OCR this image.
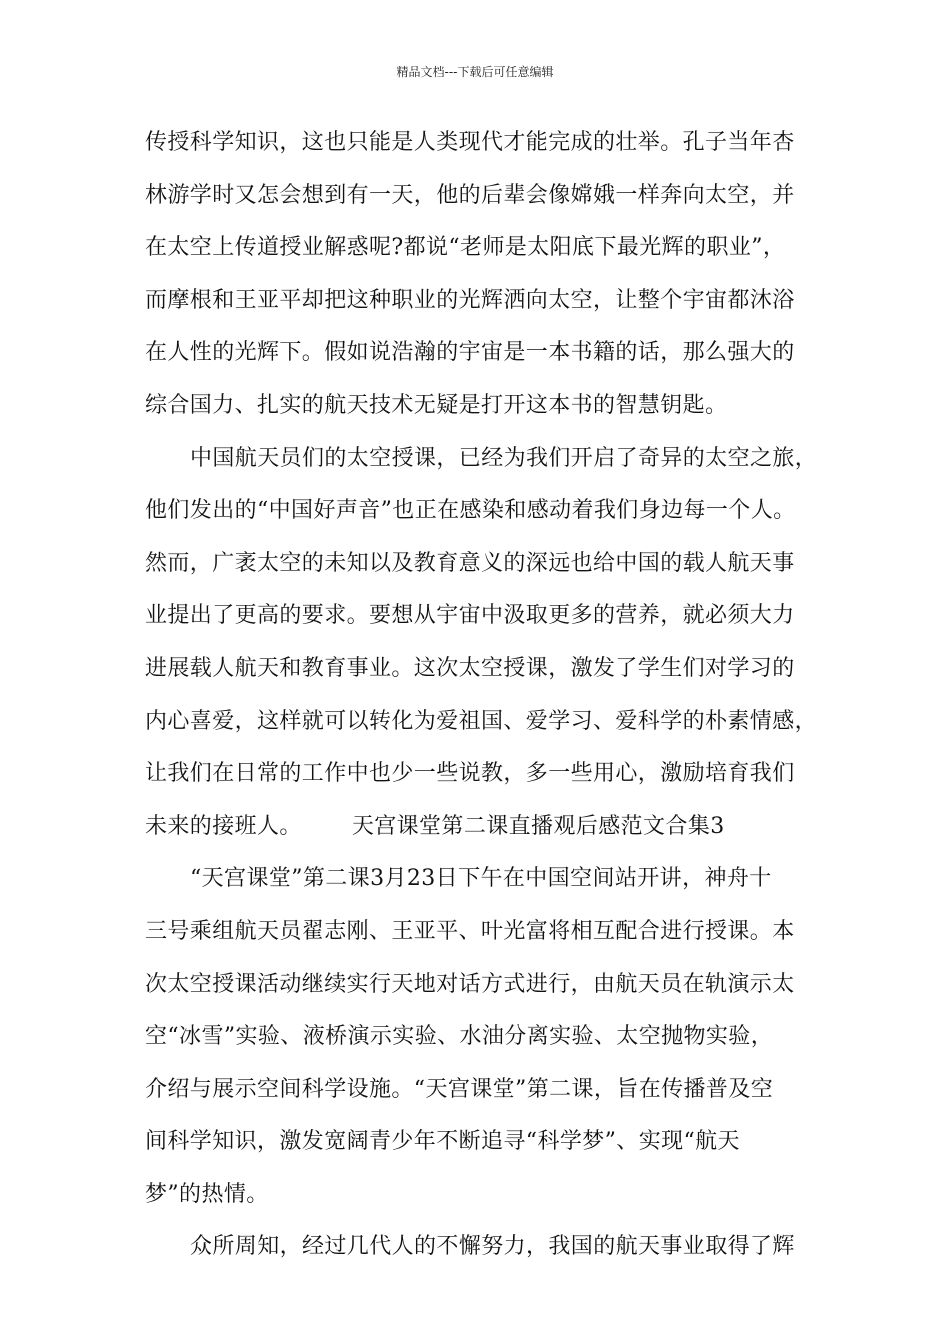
精品文档---下载后可任意编辑
传授科学知识，这也只能是人类现代才能完成的壮举。孔子当年杏
林游学时又怎会想到有一天，他的后辈会像嫦娥一样奔向太空，并
在太空上传道授业解惑呢?都说“老师是太阳底下最光辉的职业”，
而摩根和王亚平却把这种职业的光辉洒向太空，让整个宇宙都沐浴
在人性的光辉下。假如说浩瀚的宇宙是一本书籍的话，那么强大的
综合国力、扎实的航天技术无疑是打开这本书的智慧钥匙。
中国航天员们的太空授课，已经为我们开启了奇异的太空之旅，
他们发出的“中国好声音”也正在感染和感动着我们身边每一个人。
然而，广袤太空的未知以及教育意义的深远也给中国的载人航天事
业提出了更高的要求。要想从宇宙中汲取更多的营养，就必须大力
进展载人航天和教育事业。这次太空授课，激发了学生们对学习的
内心喜爱，这样就可以转化为爱祖国、爱学习、爱科学的朴素情感，
让我们在日常的工作中也少一些说教，多一些用心，激励培育我们
未来的接班人。 天宫课堂第二课直播观后感范文合集3
“天宫课堂”第二课3月23日下午在中国空间站开讲，神舟十
三号乘组航天员翟志刚、王亚平、叶光富将相互配合进行授课。本
次太空授课活动继续实行天地对话方式进行，由航天员在轨演示太
空“冰雪”实验、液桥演示实验、水油分离实验、太空抛物实验，
介绍与展示空间科学设施。“天宫课堂”第二课，旨在传播普及空
间科学知识，激发宽阔青少年不断追寻“科学梦”、实现“航天
梦”的热情。
众所周知，经过几代人的不懈努力，我国的航天事业取得了辉
